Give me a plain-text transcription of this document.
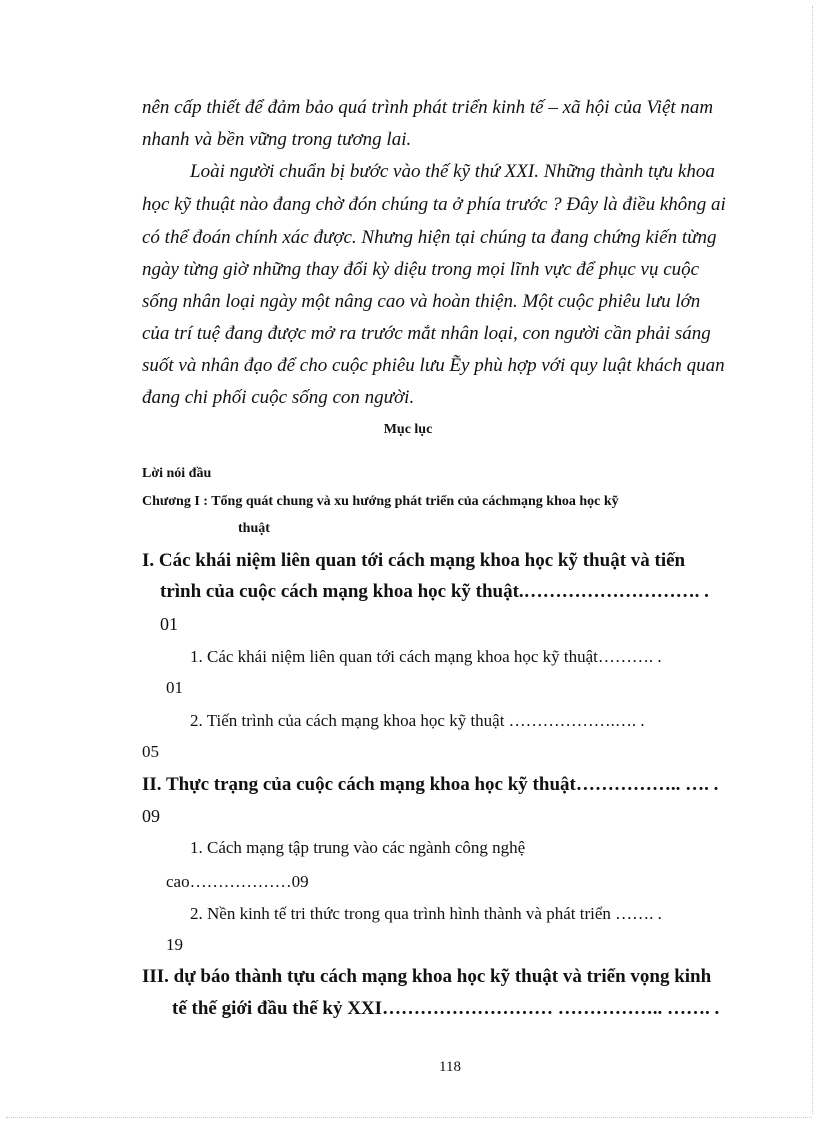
nên cấp thiết để đảm bảo quá trình phát triển kinh tế – xã hội của Việt nam
nhanh và bền vững trong tương lai.
Loài người chuẩn bị bước vào thế kỹ thứ XXI. Những thành tựu khoa
học kỹ thuật nào đang chờ đón chúng ta ở phía trước ? Đây là điều không ai
có thể đoán chính xác được. Nhưng hiện tại chúng ta đang chứng kiến từng
ngày từng giờ những thay đổi kỳ diệu trong mọi lĩnh vực để phục vụ cuộc
sống nhân loại ngày một nâng cao và hoàn thiện. Một cuộc phiêu lưu lớn
của trí tuệ đang được mở ra trước mắt nhân loại, con người cần phải sáng
suốt và nhân đạo để cho cuộc phiêu lưu Ẽy phù hợp với quy luật khách quan
đang chi phối cuộc sống con người.
Mục lục
Lời nói đầu
Chương I : Tổng quát chung và xu hướng phát triển của cáchmạng khoa học kỹ
thuật
I. Các khái niệm liên quan tới cách mạng khoa học kỹ thuật và tiến
trình của cuộc cách mạng khoa học kỹ thuật.………………………. .
01
1. Các khái niệm liên quan tới cách mạng khoa học kỹ thuật………. .
01
2. Tiến trình của cách mạng khoa học kỹ thuật ……………….…. .
05
II. Thực trạng của cuộc cách mạng khoa học kỹ thuật…………….. …. .
09
1. Cách mạng tập trung vào các ngành công nghệ
cao………………09
2. Nền kinh tế tri thức trong qua trình hình thành và phát triển ……. .
19
III. dự báo thành tựu cách mạng khoa học kỹ thuật và triển vọng kinh
tế thế giới đầu thế kỷ XXI……………………… …………….. ……. .
118
